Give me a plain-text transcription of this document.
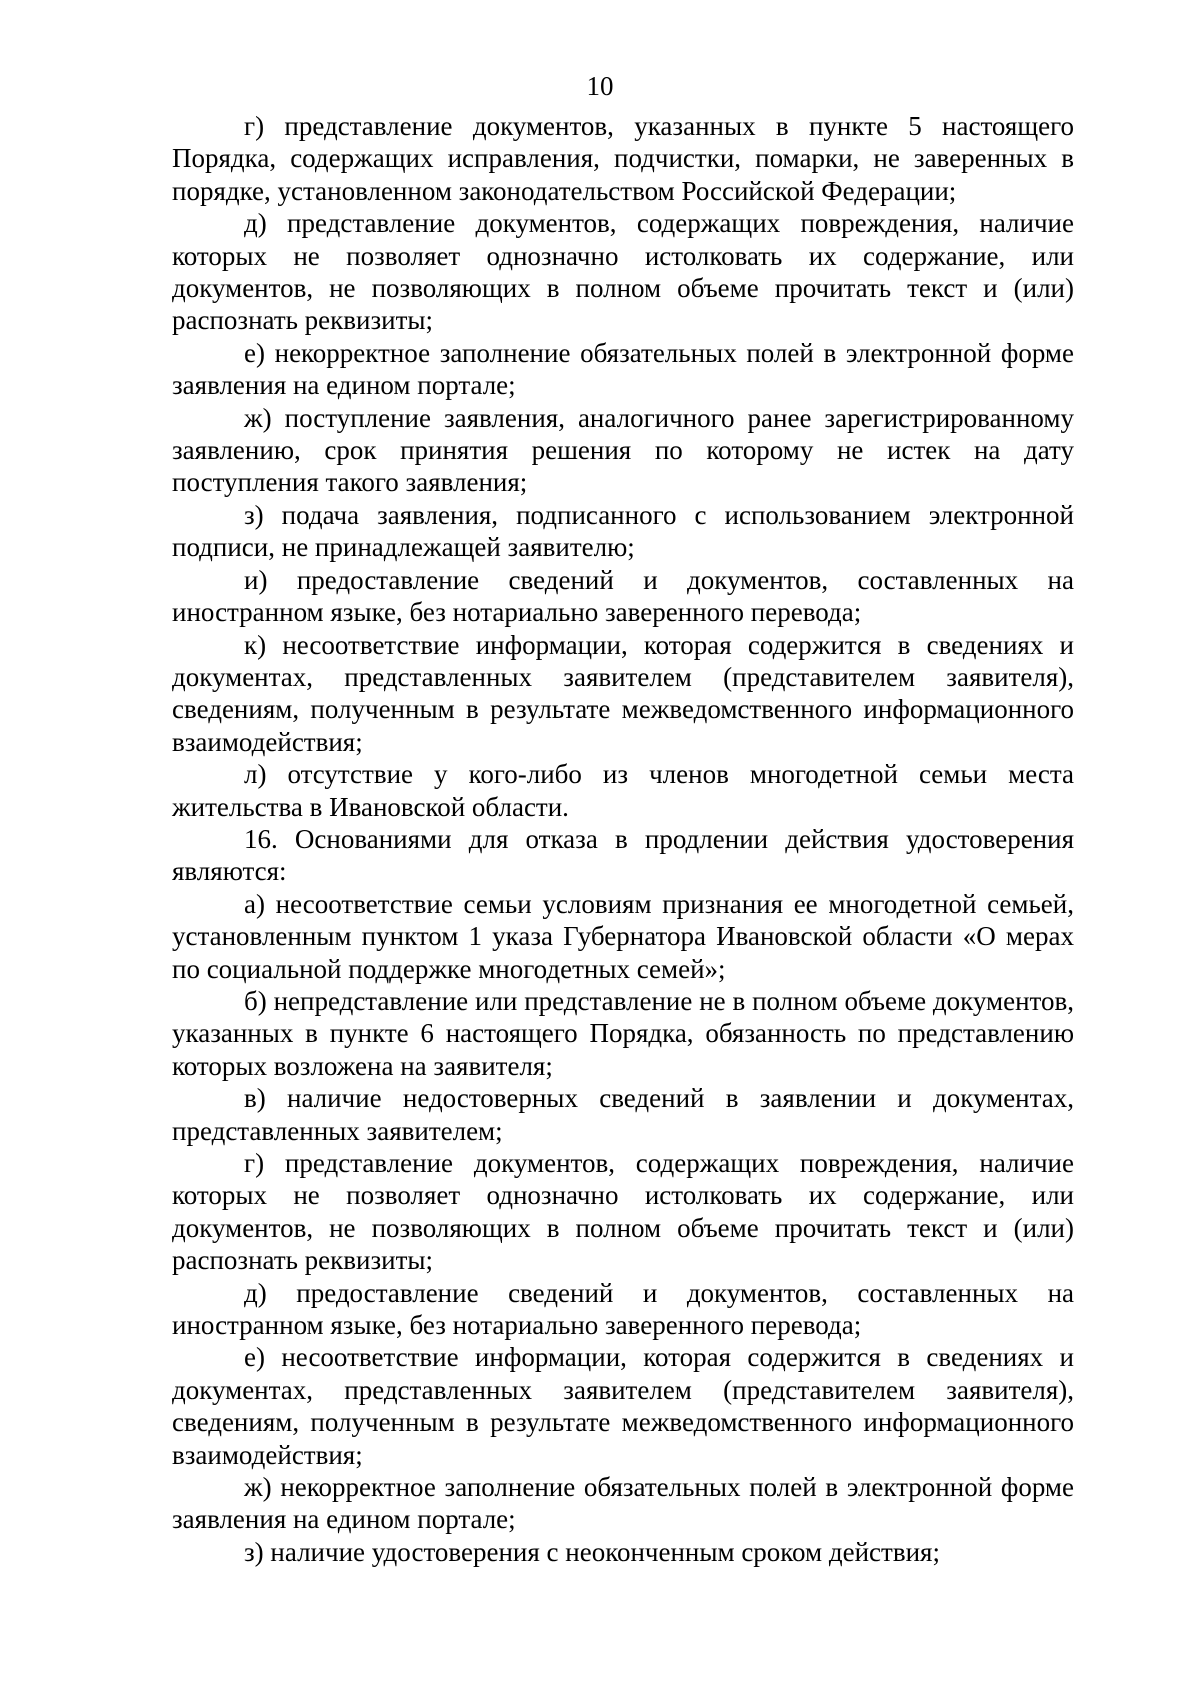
10

г) представление документов, указанных в пункте 5 настоящего Порядка, содержащих исправления, подчистки, помарки, не заверенных в порядке, установленном законодательством Российской Федерации;

д) представление документов, содержащих повреждения, наличие которых не позволяет однозначно истолковать их содержание, или документов, не позволяющих в полном объеме прочитать текст и (или) распознать реквизиты;

е) некорректное заполнение обязательных полей в электронной форме заявления на едином портале;

ж) поступление заявления, аналогичного ранее зарегистрированному заявлению, срок принятия решения по которому не истек на дату поступления такого заявления;

з) подача заявления, подписанного с использованием электронной подписи, не принадлежащей заявителю;

и) предоставление сведений и документов, составленных на иностранном языке, без нотариально заверенного перевода;

к) несоответствие информации, которая содержится в сведениях и документах, представленных заявителем (представителем заявителя), сведениям, полученным в результате межведомственного информационного взаимодействия;

л) отсутствие у кого-либо из членов многодетной семьи места жительства в Ивановской области.

16. Основаниями для отказа в продлении действия удостоверения являются:

а) несоответствие семьи условиям признания ее многодетной семьей, установленным пунктом 1 указа Губернатора Ивановской области «О мерах по социальной поддержке многодетных семей»;

б) непредставление или представление не в полном объеме документов, указанных в пункте 6 настоящего Порядка, обязанность по представлению которых возложена на заявителя;

в) наличие недостоверных сведений в заявлении и документах, представленных заявителем;

г) представление документов, содержащих повреждения, наличие которых не позволяет однозначно истолковать их содержание, или документов, не позволяющих в полном объеме прочитать текст и (или) распознать реквизиты;

д) предоставление сведений и документов, составленных на иностранном языке, без нотариально заверенного перевода;

е) несоответствие информации, которая содержится в сведениях и документах, представленных заявителем (представителем заявителя), сведениям, полученным в результате межведомственного информационного взаимодействия;

ж) некорректное заполнение обязательных полей в электронной форме заявления на едином портале;

з) наличие удостоверения с неоконченным сроком действия;
